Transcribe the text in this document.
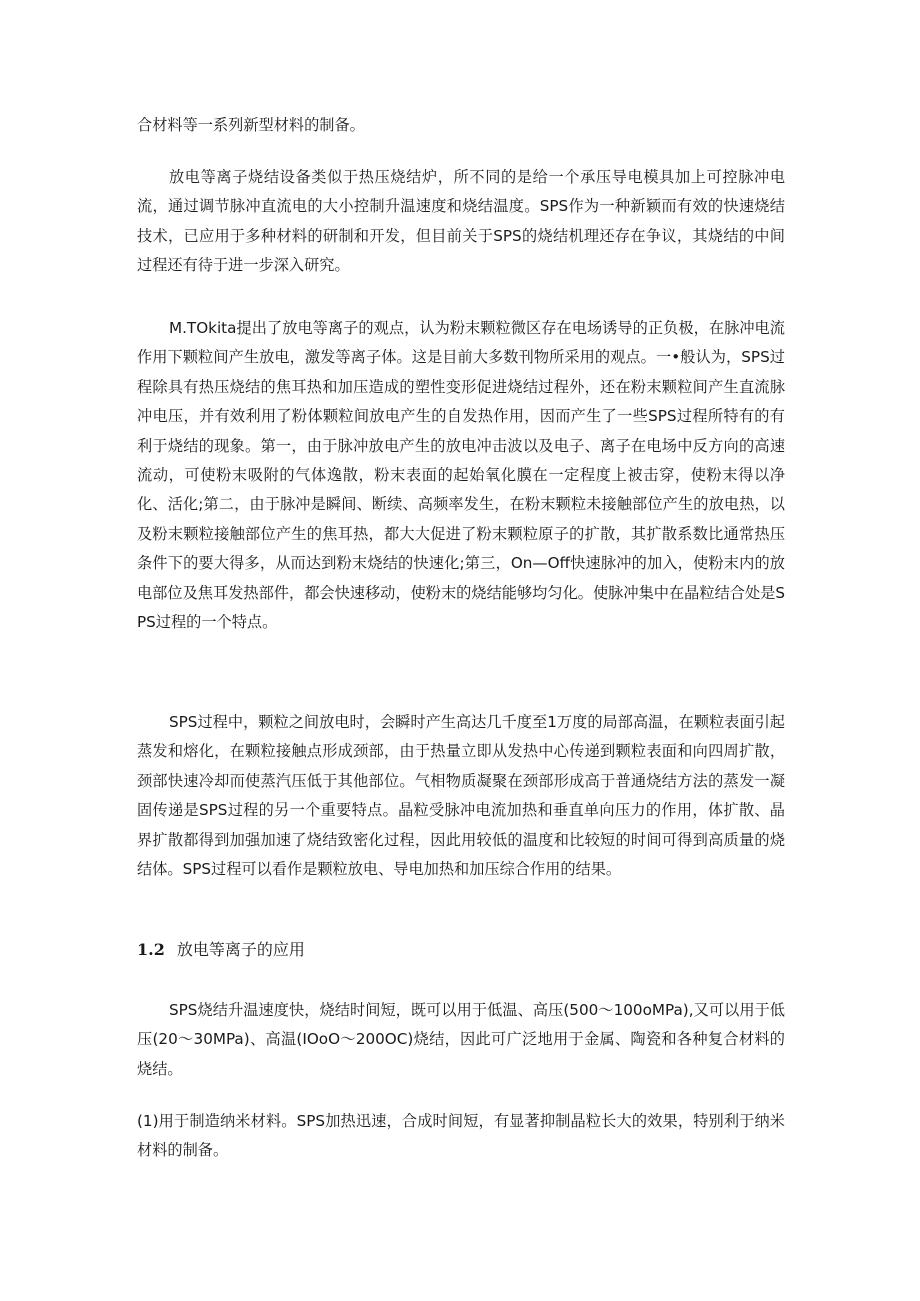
合材料等一系列新型材料的制备。

放电等离子烧结设备类似于热压烧结炉，所不同的是给一个承压导电模具加上可控脉冲电流，通过调节脉冲直流电的大小控制升温速度和烧结温度。SPS作为一种新颖而有效的快速烧结技术，已应用于多种材料的研制和开发，但目前关于SPS的烧结机理还存在争议，其烧结的中间过程还有待于进一步深入研究。

M.TOkita提出了放电等离子的观点，认为粉末颗粒微区存在电场诱导的正负极，在脉冲电流作用下颗粒间产生放电，激发等离子体。这是目前大多数刊物所采用的观点。一•般认为，SPS过程除具有热压烧结的焦耳热和加压造成的塑性变形促进烧结过程外，还在粉末颗粒间产生直流脉冲电压，并有效利用了粉体颗粒间放电产生的自发热作用，因而产生了一些SPS过程所特有的有利于烧结的现象。第一，由于脉冲放电产生的放电冲击波以及电子、离子在电场中反方向的高速流动，可使粉末吸附的气体逸散，粉末表面的起始氧化膜在一定程度上被击穿，使粉末得以净化、活化;第二，由于脉冲是瞬间、断续、高频率发生，在粉末颗粒未接触部位产生的放电热，以及粉末颗粒接触部位产生的焦耳热，都大大促进了粉末颗粒原子的扩散，其扩散系数比通常热压条件下的要大得多，从而达到粉末烧结的快速化;第三，On—Off快速脉冲的加入，使粉末内的放电部位及焦耳发热部件，都会快速移动，使粉末的烧结能够均匀化。使脉冲集中在晶粒结合处是SPS过程的一个特点。

SPS过程中，颗粒之间放电时，会瞬时产生高达几千度至1万度的局部高温，在颗粒表面引起蒸发和熔化，在颗粒接触点形成颈部，由于热量立即从发热中心传递到颗粒表面和向四周扩散，颈部快速冷却而使蒸汽压低于其他部位。气相物质凝聚在颈部形成高于普通烧结方法的蒸发一凝固传递是SPS过程的另一个重要特点。晶粒受脉冲电流加热和垂直单向压力的作用，体扩散、晶界扩散都得到加强加速了烧结致密化过程，因此用较低的温度和比较短的时间可得到高质量的烧结体。SPS过程可以看作是颗粒放电、导电加热和加压综合作用的结果。

1.2 放电等离子的应用

SPS烧结升温速度快，烧结时间短，既可以用于低温、高压(500～100oMPa),又可以用于低压(20～30MPa)、高温(IOoO～200OC)烧结，因此可广泛地用于金属、陶瓷和各种复合材料的烧结。

(1)用于制造纳米材料。SPS加热迅速，合成时间短，有显著抑制晶粒长大的效果，特别利于纳米材料的制备。
